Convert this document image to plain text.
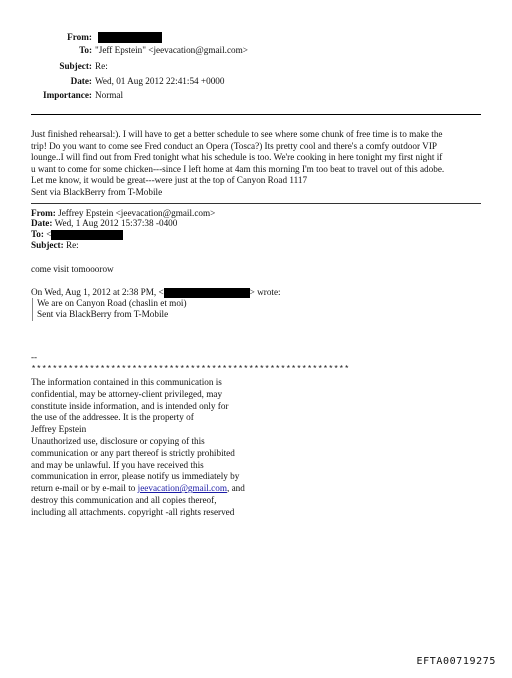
From:
To: "Jeff Epstein" <jeevacation@gmail.com>
Subject: Re:
Date: Wed, 01 Aug 2012 22:41:54 +0000
Importance: Normal

Just finished rehearsal:). I will have to get a better schedule to see where some chunk of free time is to make the

trip! Do you want to come see Fred conduct an Opera (Tosca?) Its pretty cool and there's a comfy outdoor VIP

lounge..I will find out from Fred tonight what his schedule is too. We're cooking in here tonight my first night if

u want to come for some chicken---since I left home at 4am this morning I'm too beat to travel out of this adobe.

Let me know, it would be great---were just at the top of Canyon Road 1117

Sent via BlackBerry from T-Mobile

From: Jeffrey Epstein <jeevacation@gmail.com>
Date: Wed, 1 Aug 2012 15:37:38 -0400
To: <
Subject: Re:
come visit tomooorow
On Wed, Aug 1, 2012 at 2:38 PM, <	> wrote:
We are on Canyon Road (chaslin et moi)
Sent via BlackBerry from T-Mobile
--
************************************************************
The information contained in this communication is
confidential, may be attorney-client privileged, may
constitute inside information, and is intended only for
the use of the addressee. It is the property of
Jeffrey Epstein
Unauthorized use, disclosure or copying of this
communication or any part thereof is strictly prohibited
and may be unlawful. If you have received this
communication in error, please notify us immediately by
return e-mail or by e-mail to jeevacation@gmail.com, and
destroy this communication and all copies thereof,
including all attachments. copyright -all rights reserved
EFTA00719275
